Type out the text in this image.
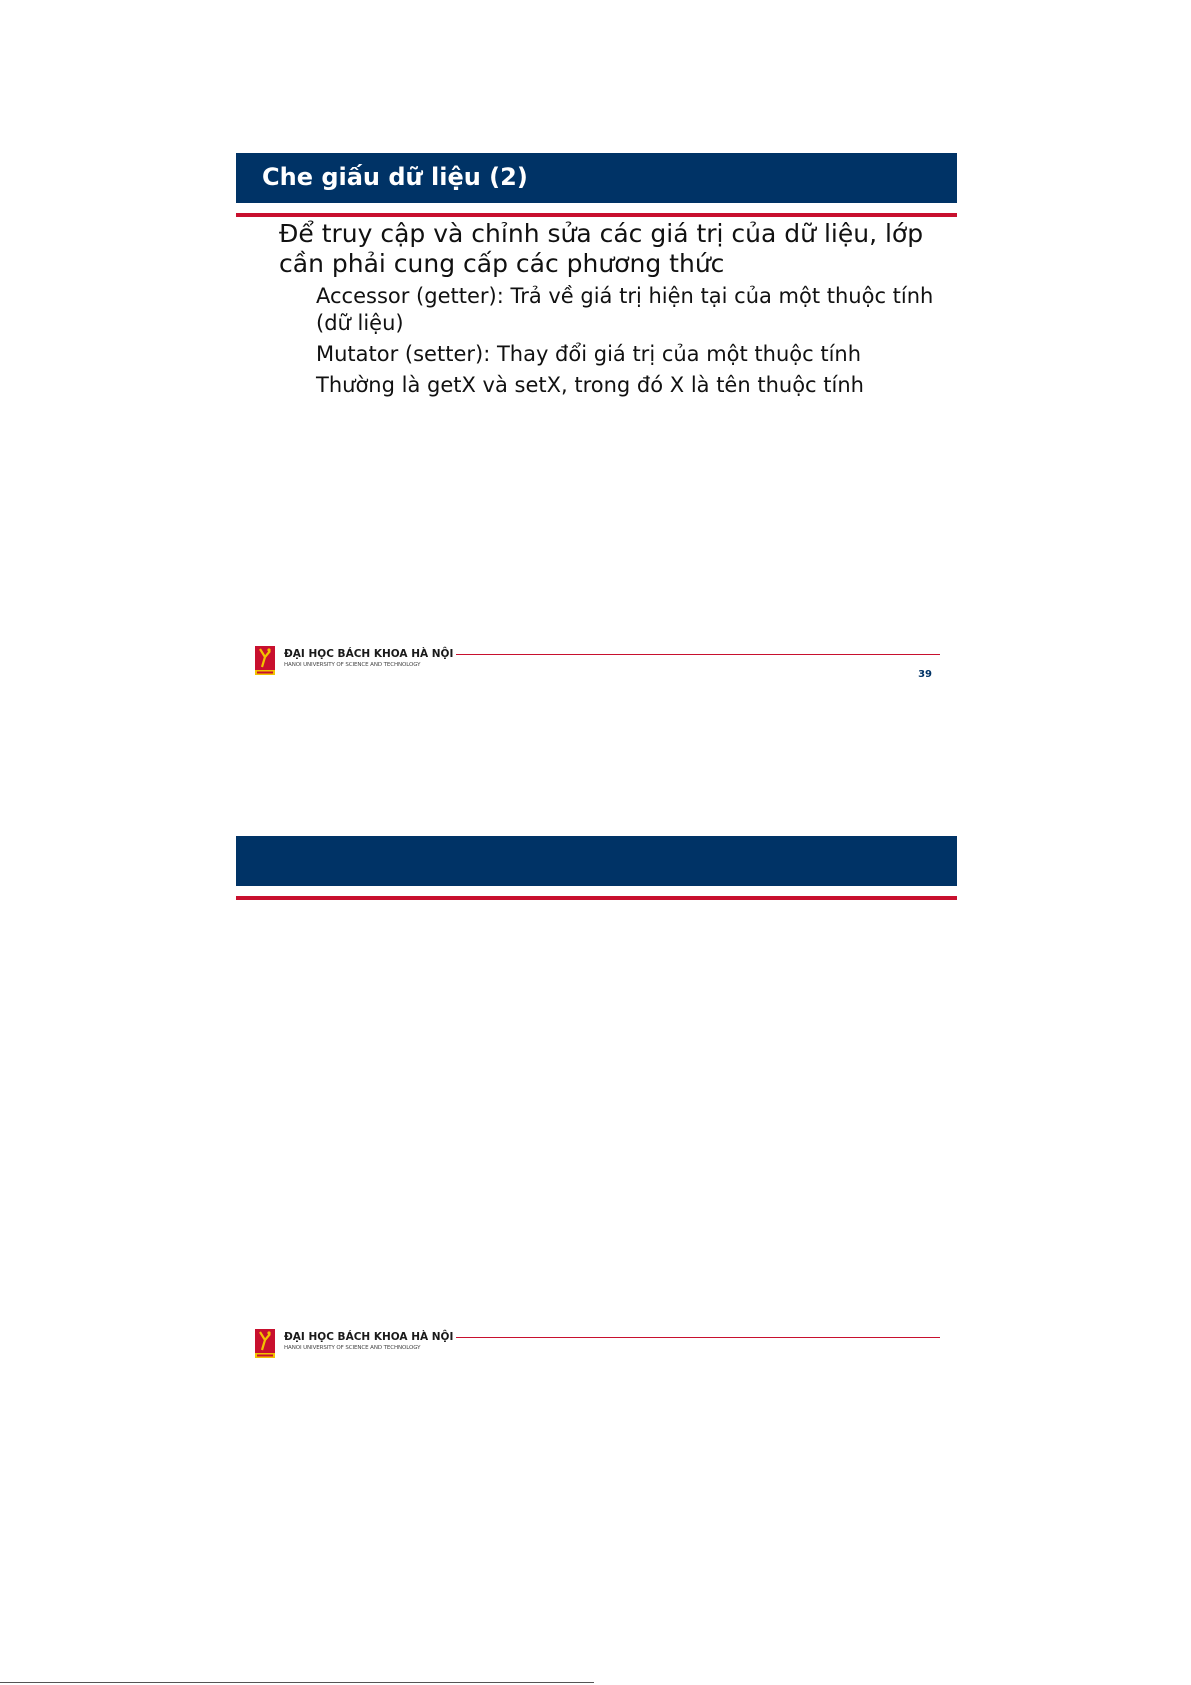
Che giấu dữ liệu (2)
Để truy cập và chỉnh sửa các giá trị của dữ liệu, lớp cần phải cung cấp các phương thức
Accessor (getter): Trả về giá trị hiện tại của một thuộc tính (dữ liệu)
Mutator (setter): Thay đổi giá trị của một thuộc tính
Thường là getX và setX, trong đó X là tên thuộc tính
ĐẠI HỌC BÁCH KHOA HÀ NỘI
HANOI UNIVERSITY OF SCIENCE AND TECHNOLOGY
39
ĐẠI HỌC BÁCH KHOA HÀ NỘI
HANOI UNIVERSITY OF SCIENCE AND TECHNOLOGY
